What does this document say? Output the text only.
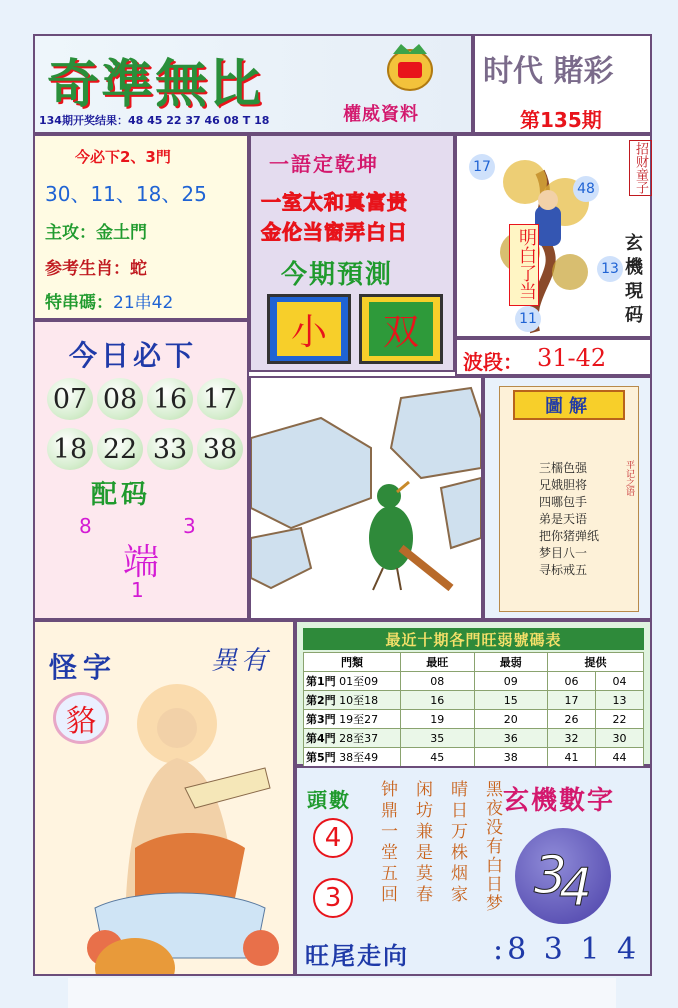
奇準無比	權威資料
134期开奖结果：48 45 22 37 46 08 T 18
时代 賭彩
第135期
今必下2、3門
30、11、18、25
主攻：金土門
参考生肖：蛇
特串碼：21串42
一語定乾坤
一室太和真富贵
金伦当窗弄白日
今期預測
小	双
17
48
13
11
明白了当
招财童子
玄機現码
波段： 31-42
今日必下
07 08 16 17
18 22 33 38
配码
8	3
端
1
圖解
三檽色强
兄娥胆将
四哪包手
弟是天语
把你猪弹纸
梦目八一
寻标戒五
平记之语
怪字	異有
貉
最近十期各門旺弱號碼表
門類	最旺	最弱	提供	
第1門 01至09	08	09	06	04
第2門 10至18	16	15	17	13
第3門 19至27	19	20	26	22
第4門 28至37	35	36	32	30
第5門 38至49	45	38	41	44
頭數
4
3	钟鼎一堂五回 闲坊兼是莫春 晴日万株烟家 黑夜没有白日梦 玄機數字
3
4
旺尾走向	:8 3 1 4
